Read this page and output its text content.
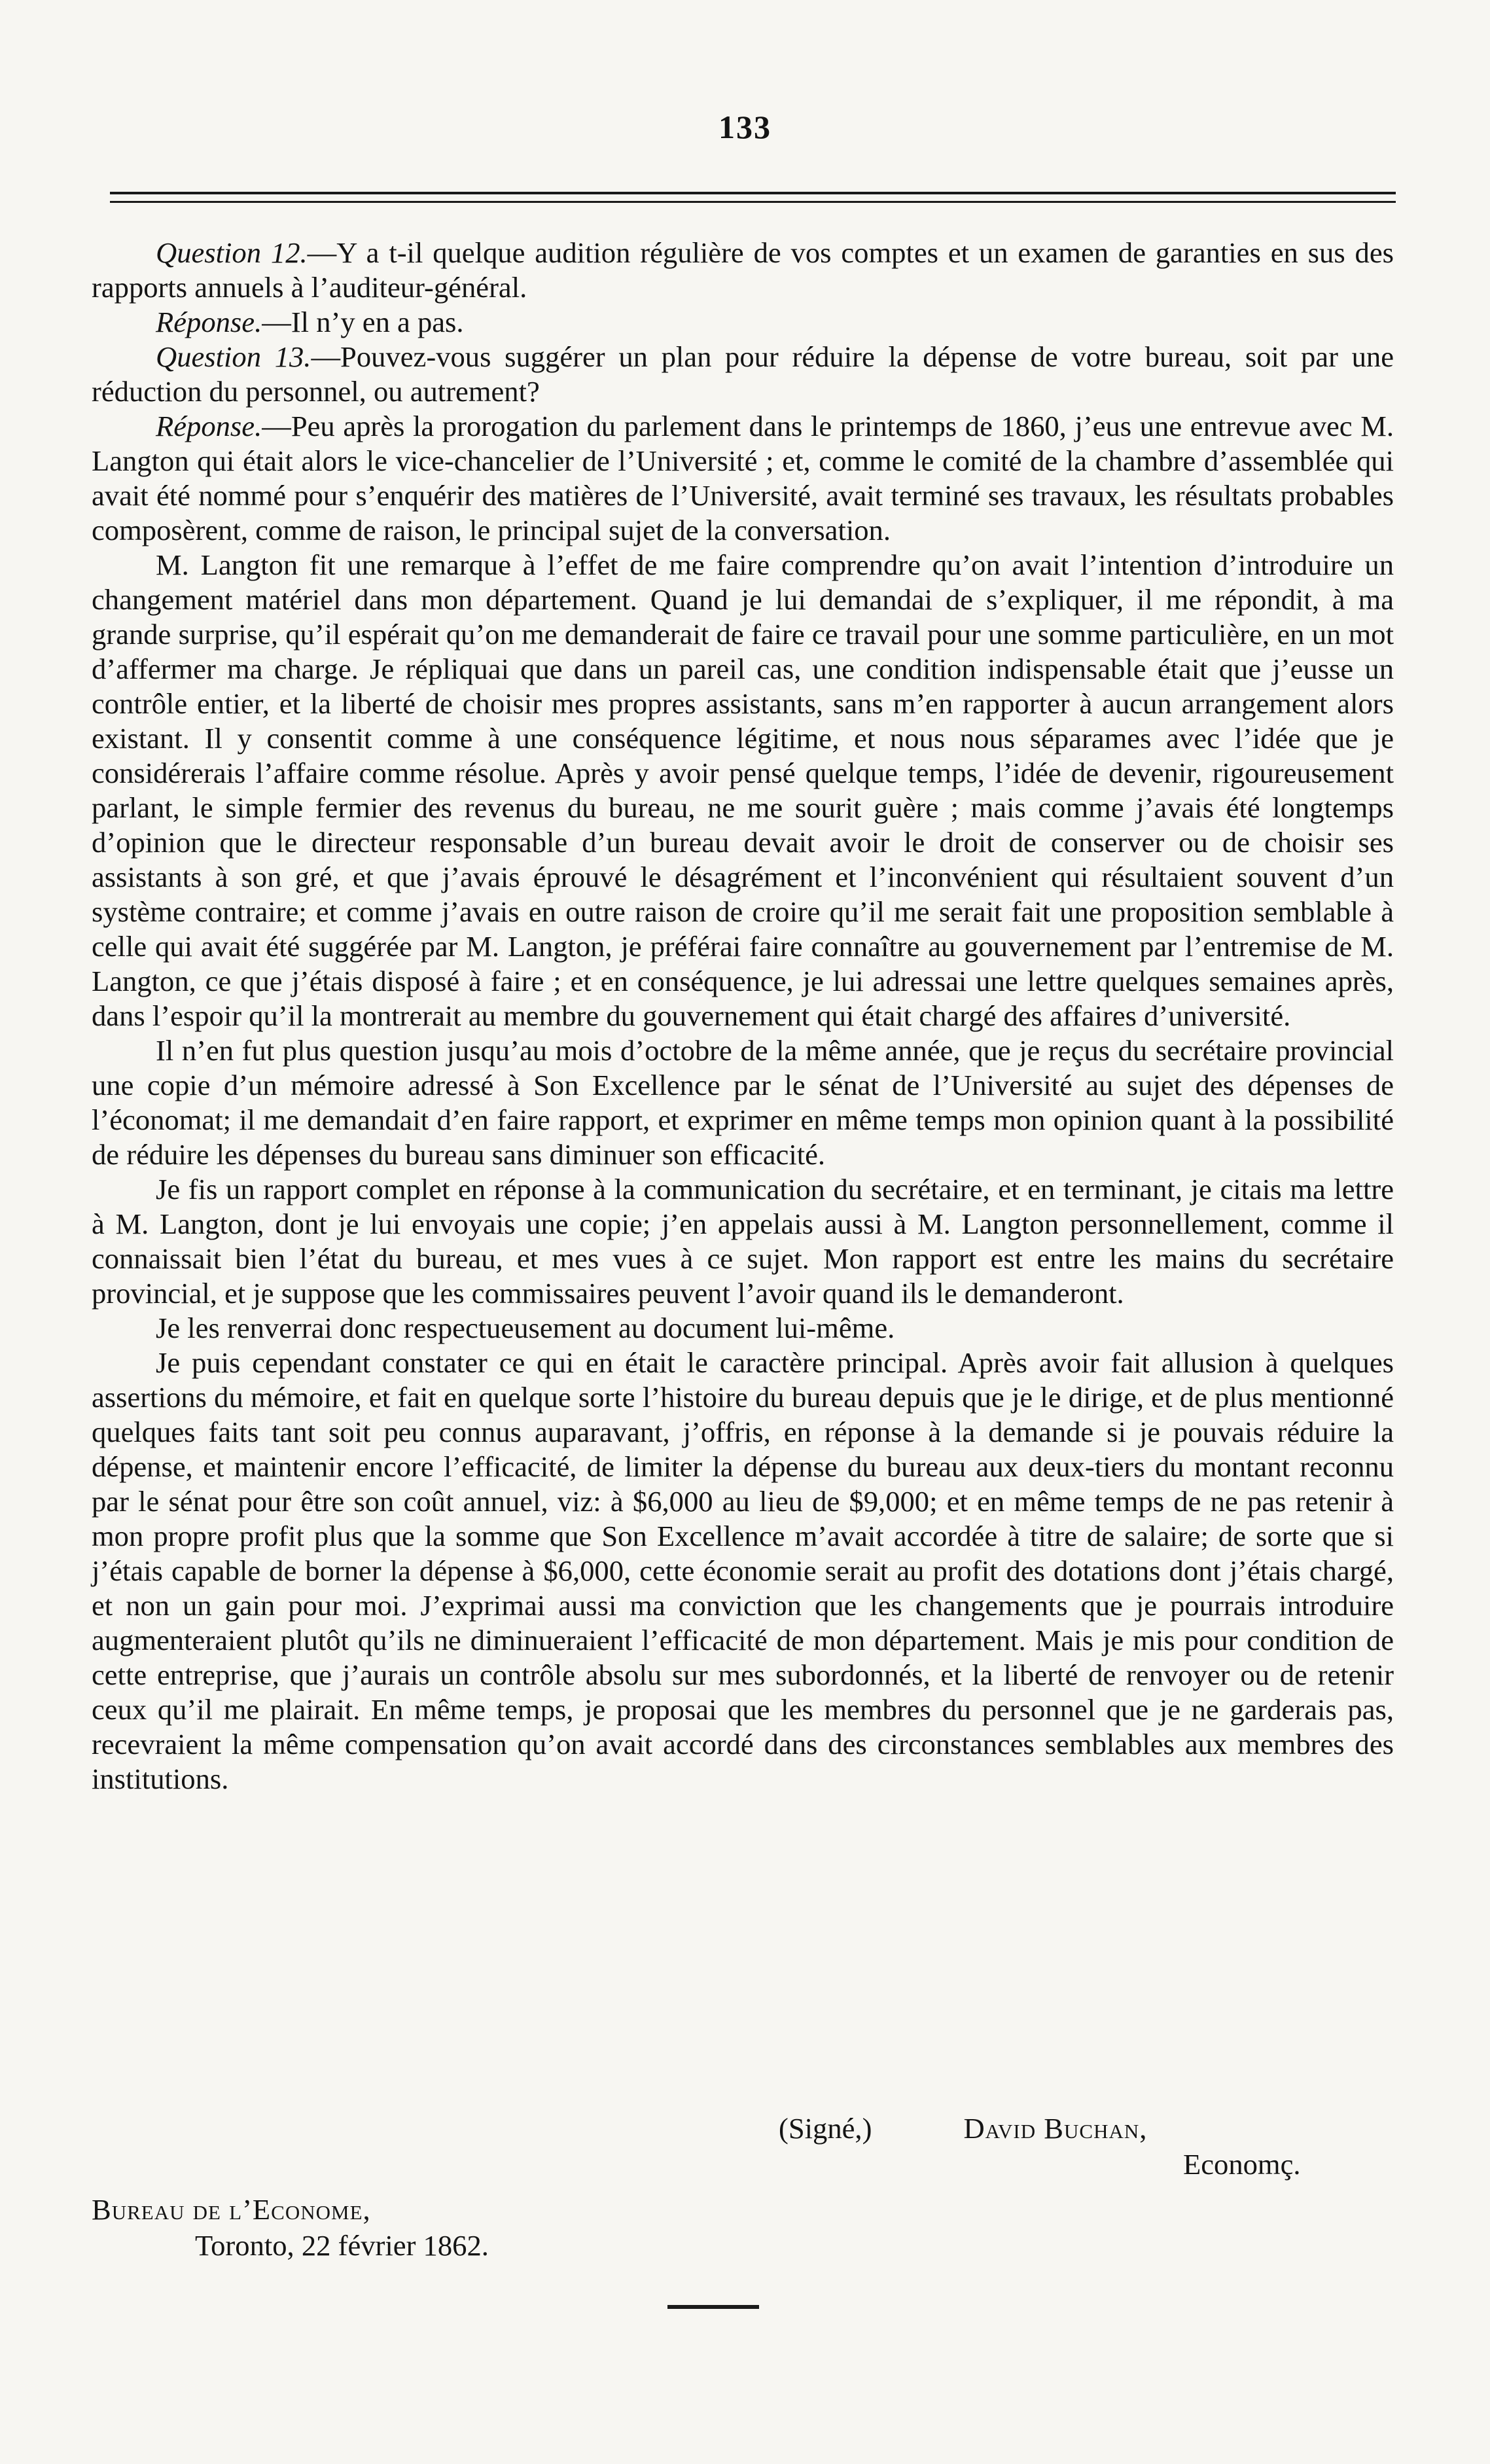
133

Question 12.—Y a t-il quelque audition régulière de vos comptes et un examen de garanties en sus des rapports annuels à l’auditeur-général.

Réponse.—Il n’y en a pas.

Question 13.—Pouvez-vous suggérer un plan pour réduire la dépense de votre bureau, soit par une réduction du personnel, ou autrement?

Réponse.—Peu après la prorogation du parlement dans le printemps de 1860, j’eus une entrevue avec M. Langton qui était alors le vice-chancelier de l’Université ; et, comme le comité de la chambre d’assemblée qui avait été nommé pour s’enquérir des matières de l’Université, avait terminé ses travaux, les résultats probables composèrent, comme de raison, le principal sujet de la conversation.

M. Langton fit une remarque à l’effet de me faire comprendre qu’on avait l’intention d’introduire un changement matériel dans mon département. Quand je lui demandai de s’expliquer, il me répondit, à ma grande surprise, qu’il espérait qu’on me demanderait de faire ce travail pour une somme particulière, en un mot d’affermer ma charge. Je répliquai que dans un pareil cas, une condition indispensable était que j’eusse un contrôle entier, et la liberté de choisir mes propres assistants, sans m’en rapporter à aucun arrangement alors existant. Il y consentit comme à une conséquence légitime, et nous nous séparames avec l’idée que je considérerais l’affaire comme résolue. Après y avoir pensé quelque temps, l’idée de devenir, rigoureusement parlant, le simple fermier des revenus du bureau, ne me sourit guère ; mais comme j’avais été longtemps d’opinion que le directeur responsable d’un bureau devait avoir le droit de conserver ou de choisir ses assistants à son gré, et que j’avais éprouvé le désagrément et l’inconvénient qui résultaient souvent d’un système contraire; et comme j’avais en outre raison de croire qu’il me serait fait une proposition semblable à celle qui avait été suggérée par M. Langton, je préférai faire connaître au gouvernement par l’entremise de M. Langton, ce que j’étais disposé à faire ; et en conséquence, je lui adressai une lettre quelques semaines après, dans l’espoir qu’il la montrerait au membre du gouvernement qui était chargé des affaires d’université.

Il n’en fut plus question jusqu’au mois d’octobre de la même année, que je reçus du secrétaire provincial une copie d’un mémoire adressé à Son Excellence par le sénat de l’Université au sujet des dépenses de l’économat; il me demandait d’en faire rapport, et exprimer en même temps mon opinion quant à la possibilité de réduire les dépenses du bureau sans diminuer son efficacité.

Je fis un rapport complet en réponse à la communication du secrétaire, et en terminant, je citais ma lettre à M. Langton, dont je lui envoyais une copie; j’en appelais aussi à M. Langton personnellement, comme il connaissait bien l’état du bureau, et mes vues à ce sujet. Mon rapport est entre les mains du secrétaire provincial, et je suppose que les commissaires peuvent l’avoir quand ils le demanderont.

Je les renverrai donc respectueusement au document lui-même.

Je puis cependant constater ce qui en était le caractère principal. Après avoir fait allusion à quelques assertions du mémoire, et fait en quelque sorte l’histoire du bureau depuis que je le dirige, et de plus mentionné quelques faits tant soit peu connus auparavant, j’offris, en réponse à la demande si je pouvais réduire la dépense, et maintenir encore l’efficacité, de limiter la dépense du bureau aux deux-tiers du montant reconnu par le sénat pour être son coût annuel, viz: à $6,000 au lieu de $9,000; et en même temps de ne pas retenir à mon propre profit plus que la somme que Son Excellence m’avait accordée à titre de salaire; de sorte que si j’étais capable de borner la dépense à $6,000, cette économie serait au profit des dotations dont j’étais chargé, et non un gain pour moi. J’exprimai aussi ma conviction que les changements que je pourrais introduire augmenteraient plutôt qu’ils ne diminueraient l’efficacité de mon département. Mais je mis pour condition de cette entreprise, que j’aurais un contrôle absolu sur mes subordonnés, et la liberté de renvoyer ou de retenir ceux qu’il me plairait. En même temps, je proposai que les membres du personnel que je ne garderais pas, recevraient la même compensation qu’on avait accordé dans des circonstances semblables aux membres des institutions.

(Signé,)	David Buchan,
Economç.
Bureau de l’Econome,
Toronto, 22 février 1862.
